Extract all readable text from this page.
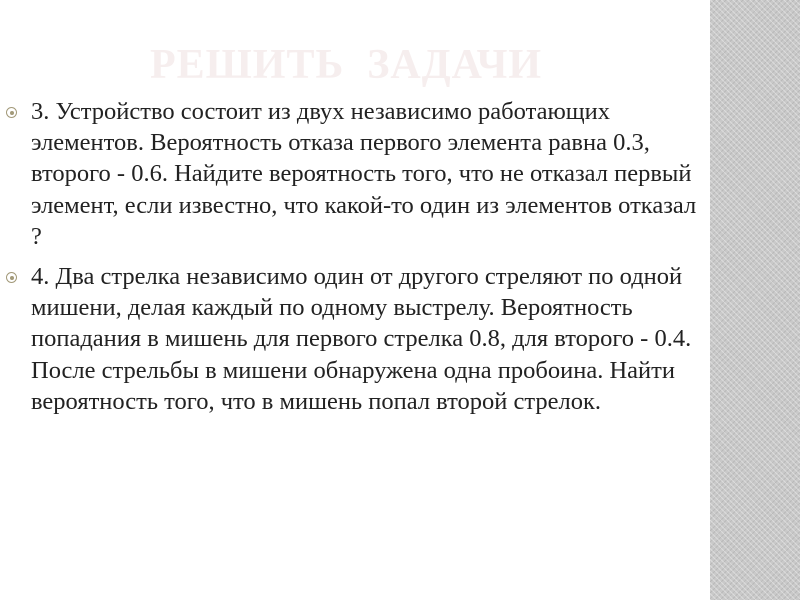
РЕШИТЬ  ЗАДАЧИ
3. Устройство состоит из двух независимо работающих элементов. Вероятность отказа первого элемента равна 0.3, второго - 0.6. Найдите вероятность того, что не отказал первый элемент, если известно, что какой-то один из элементов отказал ?
4. Два стрелка независимо один от другого стреляют по одной мишени, делая каждый по одному выстрелу. Вероятность попадания в мишень для первого стрелка 0.8, для второго - 0.4. После стрельбы в мишени обнаружена одна пробоина. Найти вероятность того, что в мишень попал второй стрелок.
